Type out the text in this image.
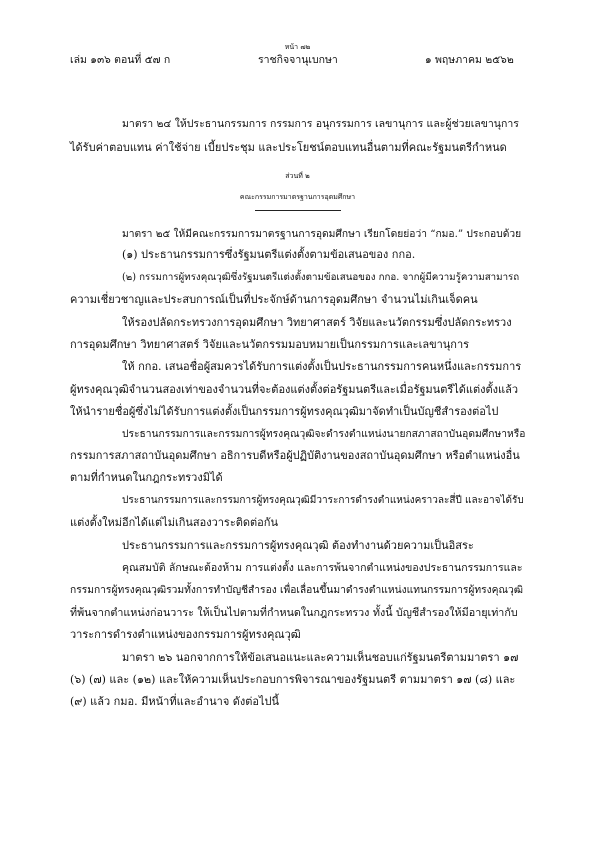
หน้า ๗๒
เล่ม ๑๓๖ ตอนที่ ๕๗ ก	ราชกิจจานุเบกษา	๑ พฤษภาคม ๒๕๖๒
มาตรา ๒๔ ให้ประธานกรรมการ กรรมการ อนุกรรมการ เลขานุการ และผู้ช่วยเลขานุการ
ได้รับค่าตอบแทน ค่าใช้จ่าย เบี้ยประชุม และประโยชน์ตอบแทนอื่นตามที่คณะรัฐมนตรีกำหนด
ส่วนที่ ๒
คณะกรรมการมาตรฐานการอุดมศึกษา
มาตรา ๒๕ ให้มีคณะกรรมการมาตรฐานการอุดมศึกษา เรียกโดยย่อว่า “กมอ.” ประกอบด้วย
(๑) ประธานกรรมการซึ่งรัฐมนตรีแต่งตั้งตามข้อเสนอของ กกอ.
(๒) กรรมการผู้ทรงคุณวุฒิซึ่งรัฐมนตรีแต่งตั้งตามข้อเสนอของ กกอ. จากผู้มีความรู้ความสามารถ
ความเชี่ยวชาญและประสบการณ์เป็นที่ประจักษ์ด้านการอุดมศึกษา จำนวนไม่เกินเจ็ดคน
ให้รองปลัดกระทรวงการอุดมศึกษา วิทยาศาสตร์ วิจัยและนวัตกรรมซึ่งปลัดกระทรวง
การอุดมศึกษา วิทยาศาสตร์ วิจัยและนวัตกรรมมอบหมายเป็นกรรมการและเลขานุการ
ให้ กกอ. เสนอชื่อผู้สมควรได้รับการแต่งตั้งเป็นประธานกรรมการคนหนึ่งและกรรมการ
ผู้ทรงคุณวุฒิจำนวนสองเท่าของจำนวนที่จะต้องแต่งตั้งต่อรัฐมนตรีและเมื่อรัฐมนตรีได้แต่งตั้งแล้ว
ให้นำรายชื่อผู้ซึ่งไม่ได้รับการแต่งตั้งเป็นกรรมการผู้ทรงคุณวุฒิมาจัดทำเป็นบัญชีสำรองต่อไป
ประธานกรรมการและกรรมการผู้ทรงคุณวุฒิจะดำรงตำแหน่งนายกสภาสถาบันอุดมศึกษาหรือ
กรรมการสภาสถาบันอุดมศึกษา อธิการบดีหรือผู้ปฏิบัติงานของสถาบันอุดมศึกษา หรือตำแหน่งอื่น
ตามที่กำหนดในกฎกระทรวงมิได้
ประธานกรรมการและกรรมการผู้ทรงคุณวุฒิมีวาระการดำรงตำแหน่งคราวละสี่ปี และอาจได้รับ
แต่งตั้งใหม่อีกได้แต่ไม่เกินสองวาระติดต่อกัน
ประธานกรรมการและกรรมการผู้ทรงคุณวุฒิ ต้องทำงานด้วยความเป็นอิสระ
คุณสมบัติ ลักษณะต้องห้าม การแต่งตั้ง และการพ้นจากตำแหน่งของประธานกรรมการและ
กรรมการผู้ทรงคุณวุฒิรวมทั้งการทำบัญชีสำรอง เพื่อเลื่อนขึ้นมาดำรงตำแหน่งแทนกรรมการผู้ทรงคุณวุฒิ
ที่พ้นจากตำแหน่งก่อนวาระ ให้เป็นไปตามที่กำหนดในกฎกระทรวง ทั้งนี้ บัญชีสำรองให้มีอายุเท่ากับ
วาระการดำรงตำแหน่งของกรรมการผู้ทรงคุณวุฒิ
มาตรา ๒๖ นอกจากการให้ข้อเสนอแนะและความเห็นชอบแก่รัฐมนตรีตามมาตรา ๑๗
(๖) (๗) และ (๑๒) และให้ความเห็นประกอบการพิจารณาของรัฐมนตรี ตามมาตรา ๑๗ (๘) และ
(๙) แล้ว กมอ. มีหน้าที่และอำนาจ ดังต่อไปนี้
